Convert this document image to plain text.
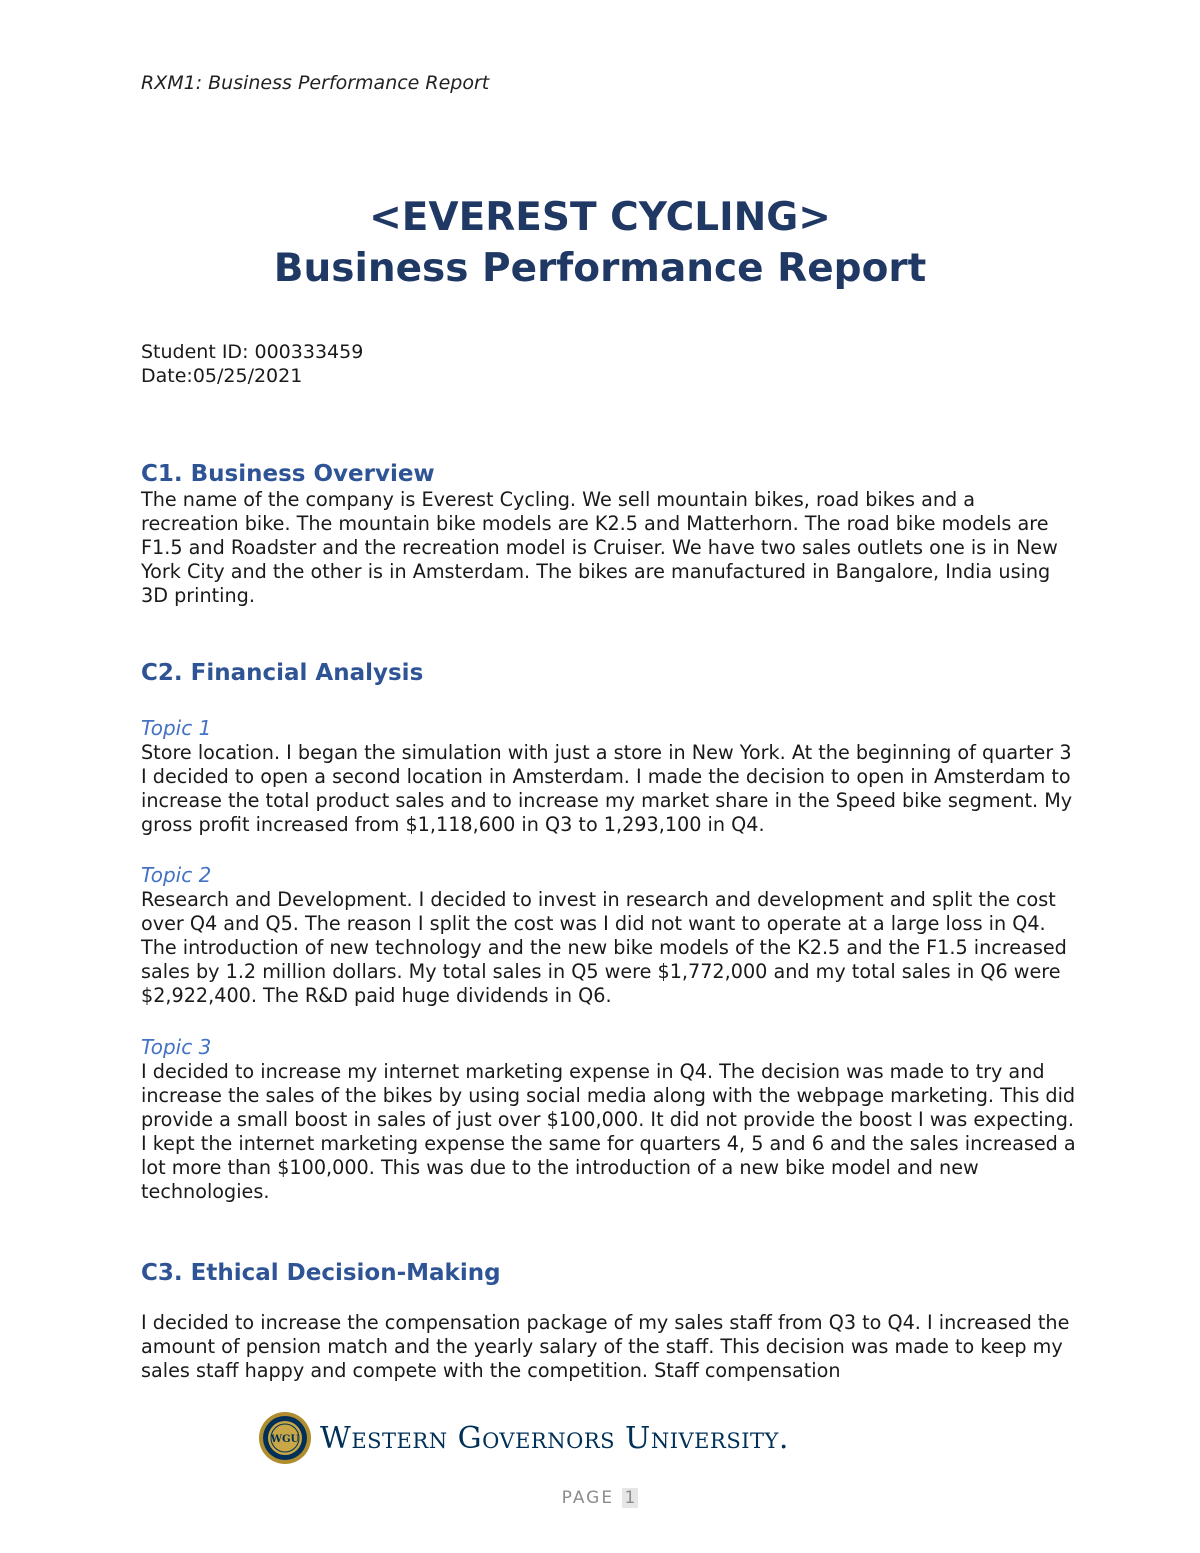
RXM1: Business Performance Report
<EVEREST CYCLING>
Business Performance Report
Student ID: 000333459
Date:05/25/2021
C1. Business Overview
The name of the company is Everest Cycling. We sell mountain bikes, road bikes and a recreation bike. The mountain bike models are K2.5 and Matterhorn. The road bike models are F1.5 and Roadster and the recreation model is Cruiser. We have two sales outlets one is in New York City and the other is in Amsterdam. The bikes are manufactured in Bangalore, India using 3D printing.
C2. Financial Analysis
Topic 1
Store location. I began the simulation with just a store in New York. At the beginning of quarter 3 I decided to open a second location in Amsterdam. I made the decision to open in Amsterdam to increase the total product sales and to increase my market share in the Speed bike segment. My gross profit increased from $1,118,600 in Q3 to 1,293,100 in Q4.
Topic 2
Research and Development. I decided to invest in research and development and split the cost over Q4 and Q5. The reason I split the cost was I did not want to operate at a large loss in Q4. The introduction of new technology and the new bike models of the K2.5 and the F1.5 increased sales by 1.2 million dollars. My total sales in Q5 were $1,772,000 and my total sales in Q6 were $2,922,400. The R&D paid huge dividends in Q6.
Topic 3
I decided to increase my internet marketing expense in Q4. The decision was made to try and increase the sales of the bikes by using social media along with the webpage marketing. This did provide a small boost in sales of just over $100,000. It did not provide the boost I was expecting. I kept the internet marketing expense the same for quarters 4, 5 and 6 and the sales increased a lot more than $100,000. This was due to the introduction of a new bike model and new technologies.
C3. Ethical Decision-Making
I decided to increase the compensation package of my sales staff from Q3 to Q4. I increased the amount of pension match and the yearly salary of the staff. This decision was made to keep my sales staff happy and compete with the competition. Staff compensation
WGU Western Governors University.
PAGE 1
